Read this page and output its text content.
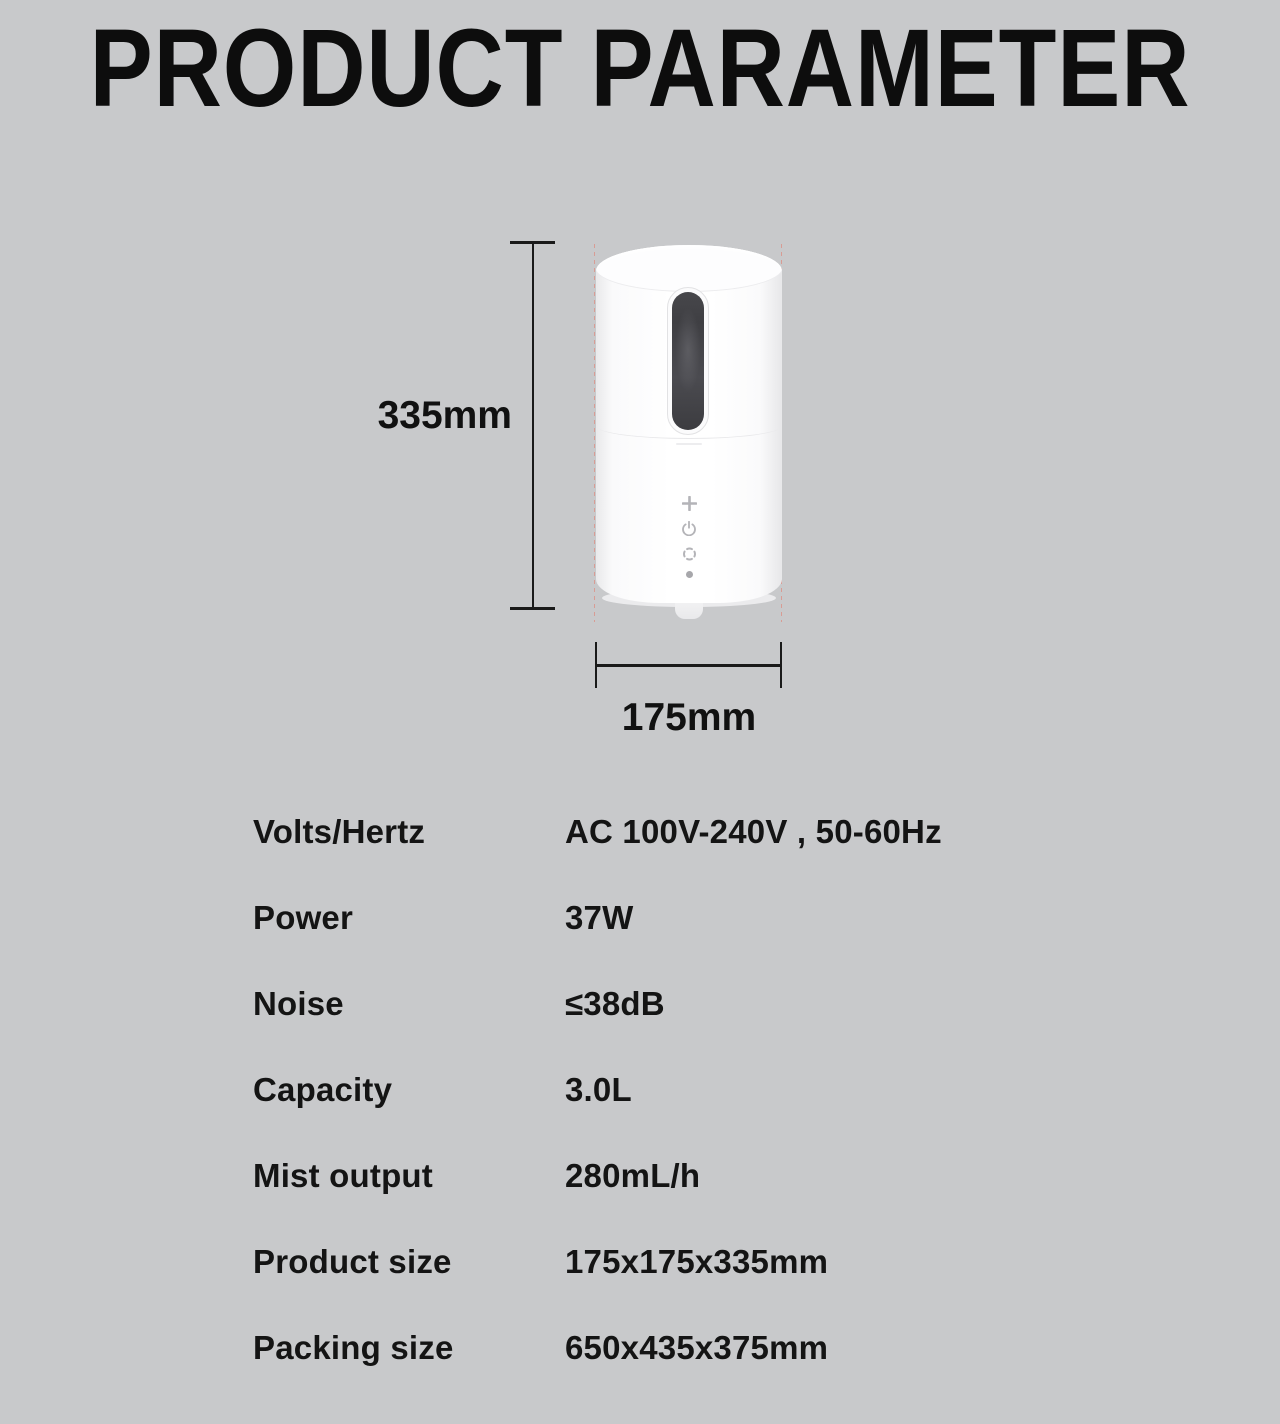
PRODUCT PARAMETER
335mm
175mm
Volts/Hertz	AC 100V-240V , 50-60Hz
Power	37W
Noise	≤38dB
Capacity	3.0L
Mist output	280mL/h
Product size	175x175x335mm
Packing size	650x435x375mm
